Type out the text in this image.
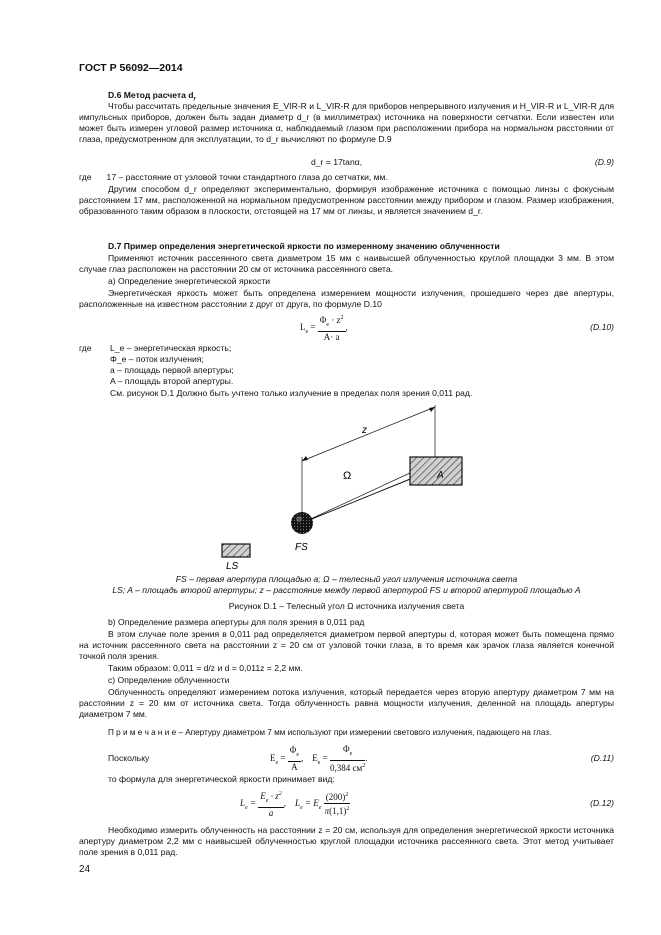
ГОСТ Р 56092—2014
D.6 Метод расчета $d_r$
Чтобы рассчитать предельные значения E_VIR-R и L_VIR-R для приборов непрерывного излучения и H_VIR-R и L_VIR-R для импульсных приборов, должен быть задан диаметр d_r (в миллиметрах) источника на поверхности сетчатки. Если известен или может быть измерен угловой размер источника α, наблюдаемый глазом при расположении прибора на нормальном расстоянии от глаза, предусмотренном для эксплуатации, то d_r вычисляют по формуле D.9
d_r = 17tanα,	(D.9)
где 17 – расстояние от узловой точки стандартного глаза до сетчатки, мм.
Другим способом d_r определяют экспериментально, формируя изображение источника с помощью линзы с фокусным расстоянием 17 мм, расположенной на нормальном предусмотренном расстоянии между прибором и глазом. Размер изображения, образованного таким образом в плоскости, отстоящей на 17 мм от линзы, и является значением d_r.
D.7 Пример определения энергетической яркости по измеренному значению облученности
Применяют источник рассеянного света диаметром 15 мм с наивысшей облученностью круглой площадки 3 мм. В этом случае глаз расположен на расстоянии 20 см от источника рассеянного света.
a) Определение энергетической яркости
Энергетическая яркость может быть определена измерением мощности излучения, прошедшего через две апертуры, расположенные на известном расстоянии z друг от друга, по формуле D.10
$L_e = \frac{\Phi_e \cdot z^2}{A\cdot a}$ ,	(D.10)
где L_e – энергетическая яркость;
Φ_e – поток излучения;
a – площадь первой апертуры;
A – площадь второй апертуры.
См. рисунок D.1 Должно быть учтено только излучение в пределах поля зрения 0,011 рад.
z
Ω	A
FS
LS
FS – первая апертура площадью a; Ω – телесный угол излучения источника света
LS; A – площадь второй апертуры; z – расстояние между первой апертурой FS и второй апертурой площадью A
Рисунок D.1 – Телесный угол Ω источника излучения света
b) Определение размера апертуры для поля зрения в 0,011 рад
В этом случае поле зрения в 0,011 рад определяется диаметром первой апертуры d, которая может быть помещена прямо на источник рассеянного света на расстоянии z = 20 см от узловой точки глаза, в то время как зрачок глаза является конечной точкой поля зрения.
Таким образом: 0,011 = d/z и d = 0,011z = 2,2 мм.
c) Определение облученности
Облученность определяют измерением потока излучения, который передается через вторую апертуру диаметром 7 мм на расстоянии z = 20 мм от источника света. Тогда облученность равна мощности излучения, деленной на площадь апертуры диаметром 7 мм.
П р и м е ч а н и е – Апертуру диаметром 7 мм используют при измерении светового излучения, падающего на глаз.
Поскольку	$E_e = \frac{\Phi_e}{A}$ ,    $E_e = \frac{\Phi_e}{0,384 см^2}$ .	(D.11)
то формула для энергетической яркости принимает вид:
$L_e = \frac{E_e \cdot z^2}{a}$ ,    $L_e = E_e \frac{(200)^2}{\pi(1,1)^2}$	(D.12)
Необходимо измерить облученность на расстоянии z = 20 см, используя для определения энергетической яркости источника апертуру диаметром 2,2 мм с наивысшей облученностью круглой площадки источника рассеянного света. Этот метод учитывает поле зрения в 0,011 рад.
24
